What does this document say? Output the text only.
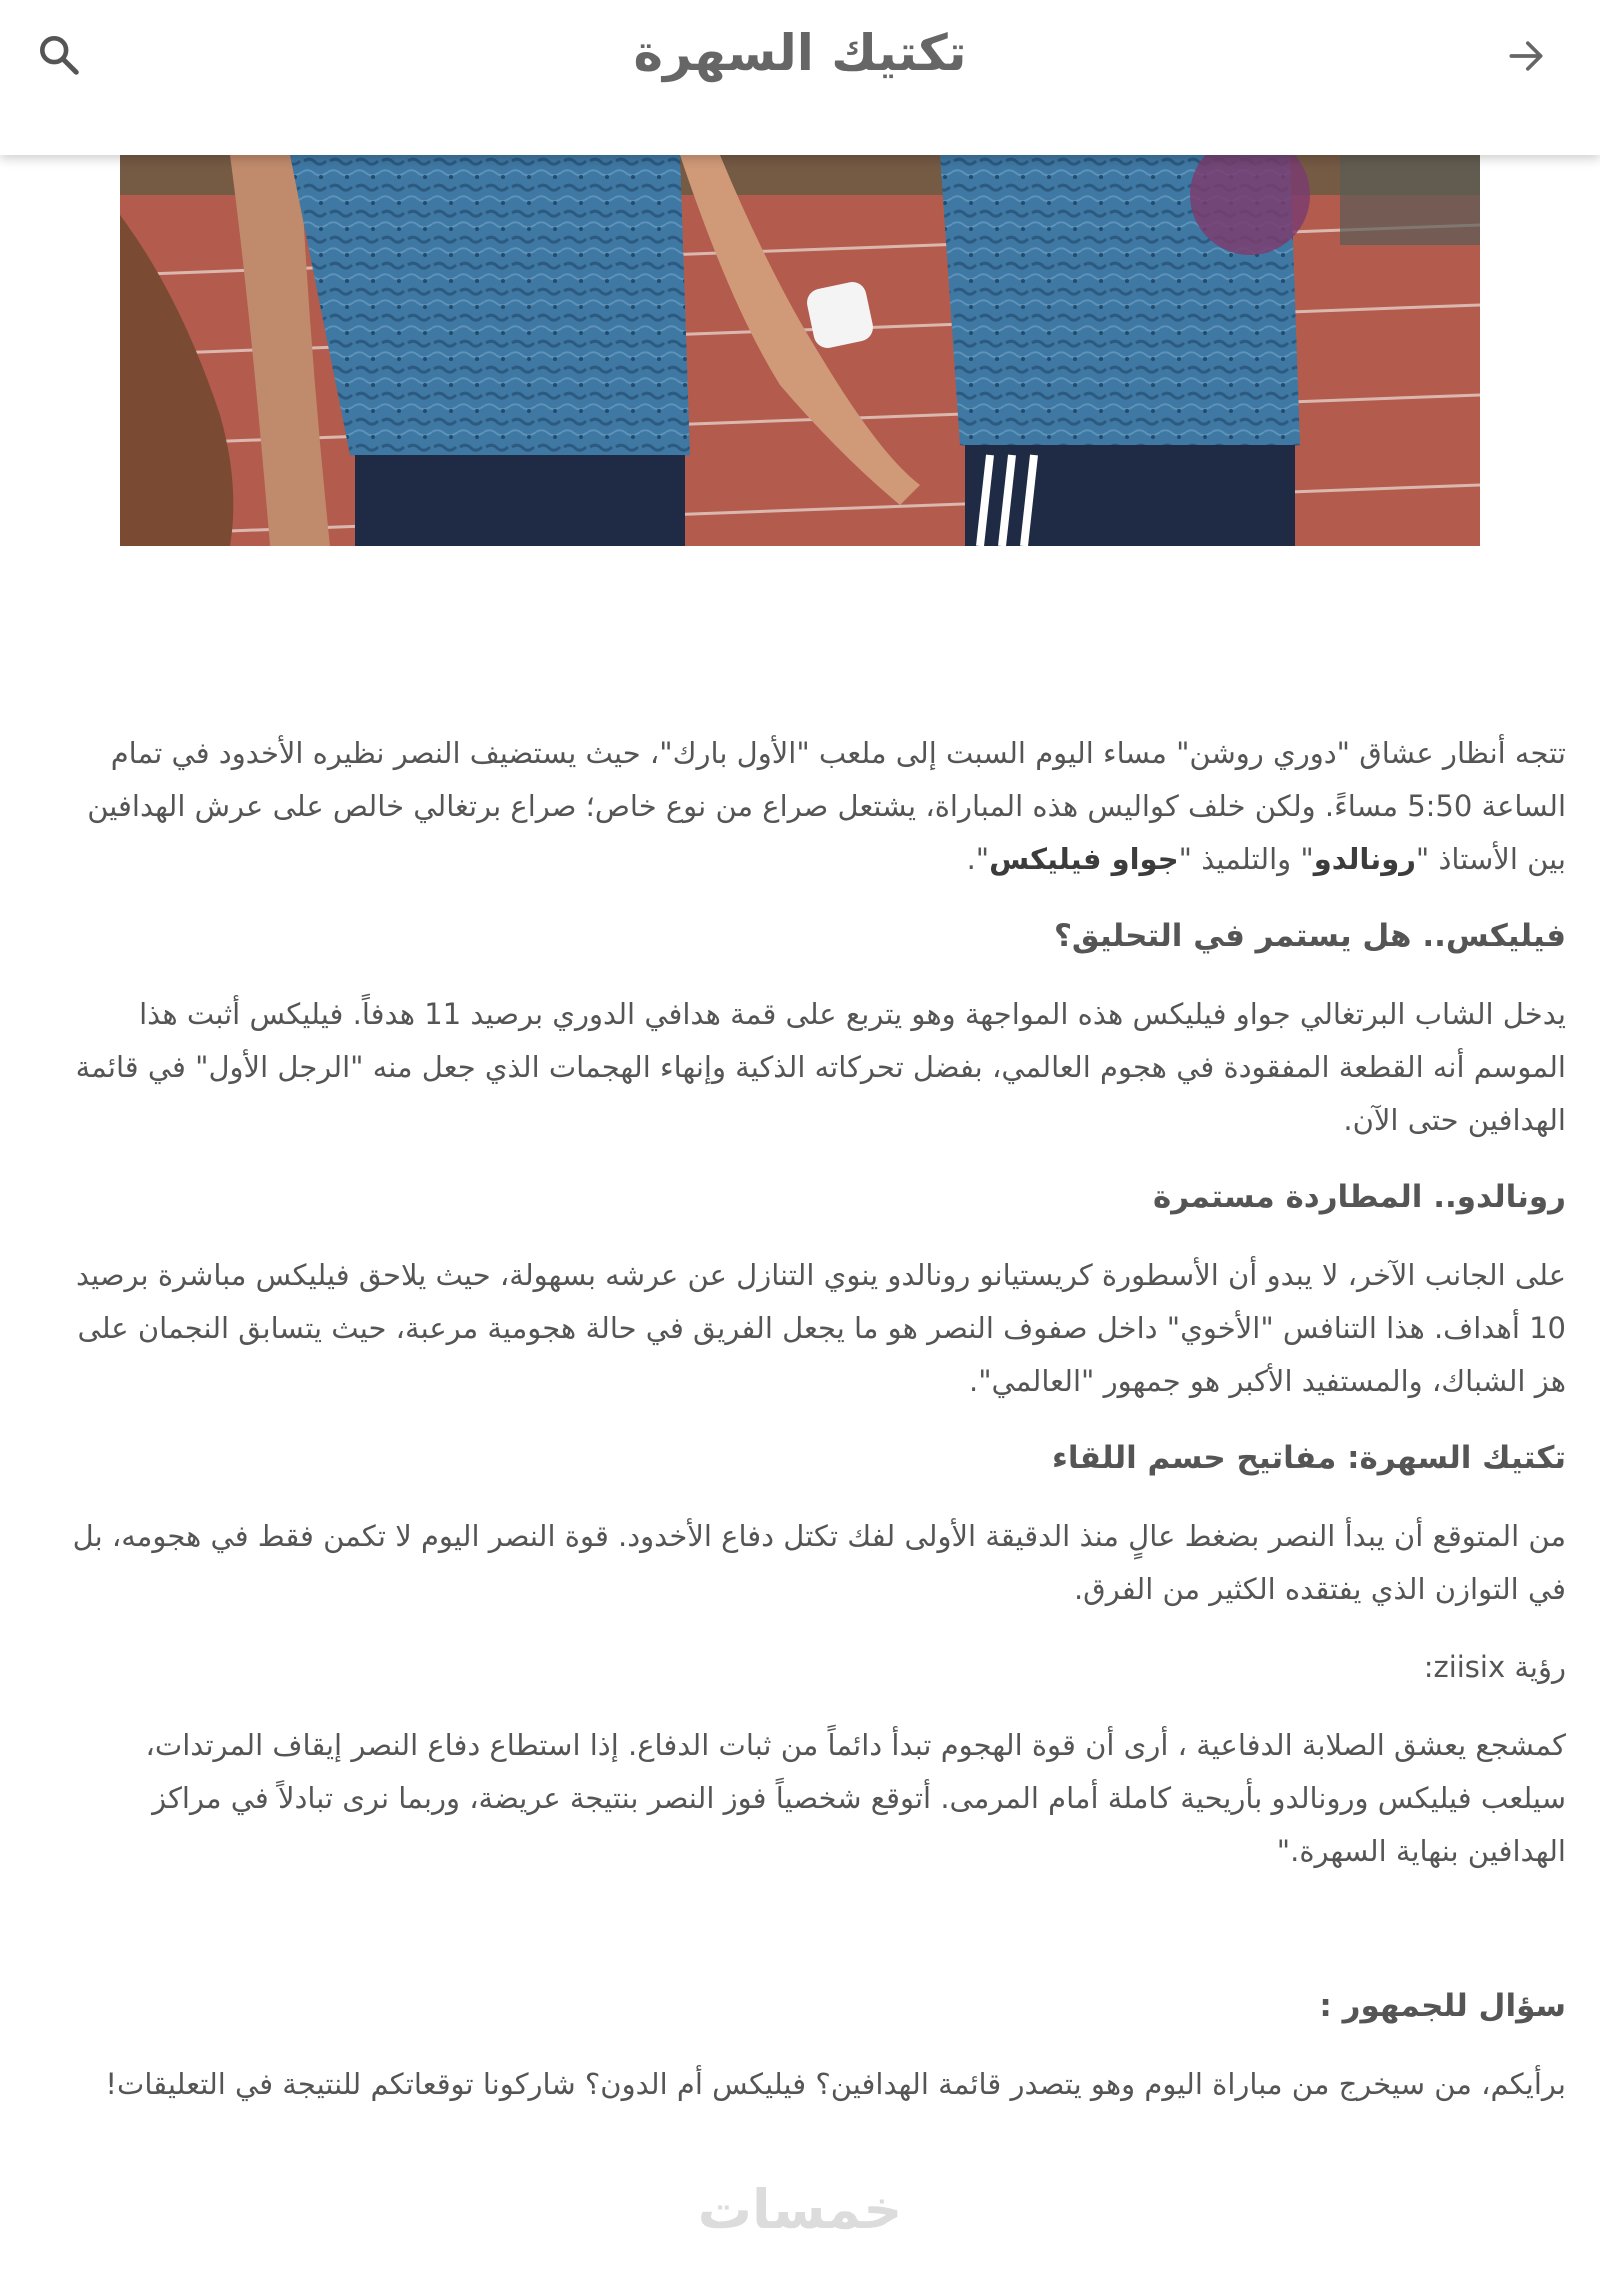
تكتيك السهرة

تتجه أنظار عشاق "دوري روشن" مساء اليوم السبت إلى ملعب "الأول بارك"، حيث يستضيف النصر نظيره الأخدود في تمام الساعة 5:50 مساءً. ولكن خلف كواليس هذه المباراة، يشتعل صراع من نوع خاص؛ صراع برتغالي خالص على عرش الهدافين بين الأستاذ "رونالدو" والتلميذ "جواو فيليكس".

فيليكس.. هل يستمر في التحليق؟

يدخل الشاب البرتغالي جواو فيليكس هذه المواجهة وهو يتربع على قمة هدافي الدوري برصيد 11 هدفاً. فيليكس أثبت هذا الموسم أنه القطعة المفقودة في هجوم العالمي، بفضل تحركاته الذكية وإنهاء الهجمات الذي جعل منه "الرجل الأول" في قائمة الهدافين حتى الآن.

رونالدو.. المطاردة مستمرة

على الجانب الآخر، لا يبدو أن الأسطورة كريستيانو رونالدو ينوي التنازل عن عرشه بسهولة، حيث يلاحق فيليكس مباشرة برصيد 10 أهداف. هذا التنافس "الأخوي" داخل صفوف النصر هو ما يجعل الفريق في حالة هجومية مرعبة، حيث يتسابق النجمان على هز الشباك، والمستفيد الأكبر هو جمهور "العالمي".

تكتيك السهرة: مفاتيح حسم اللقاء

من المتوقع أن يبدأ النصر بضغط عالٍ منذ الدقيقة الأولى لفك تكتل دفاع الأخدود. قوة النصر اليوم لا تكمن فقط في هجومه، بل في التوازن الذي يفتقده الكثير من الفرق.

رؤية ziisix:

كمشجع يعشق الصلابة الدفاعية ، أرى أن قوة الهجوم تبدأ دائماً من ثبات الدفاع. إذا استطاع دفاع النصر إيقاف المرتدات، سيلعب فيليكس ورونالدو بأريحية كاملة أمام المرمى. أتوقع شخصياً فوز النصر بنتيجة عريضة، وربما نرى تبادلاً في مراكز الهدافين بنهاية السهرة."

سؤال للجمهور :

برأيكم، من سيخرج من مباراة اليوم وهو يتصدر قائمة الهدافين؟ فيليكس أم الدون؟ شاركونا توقعاتكم للنتيجة في التعليقات!

خمسات
